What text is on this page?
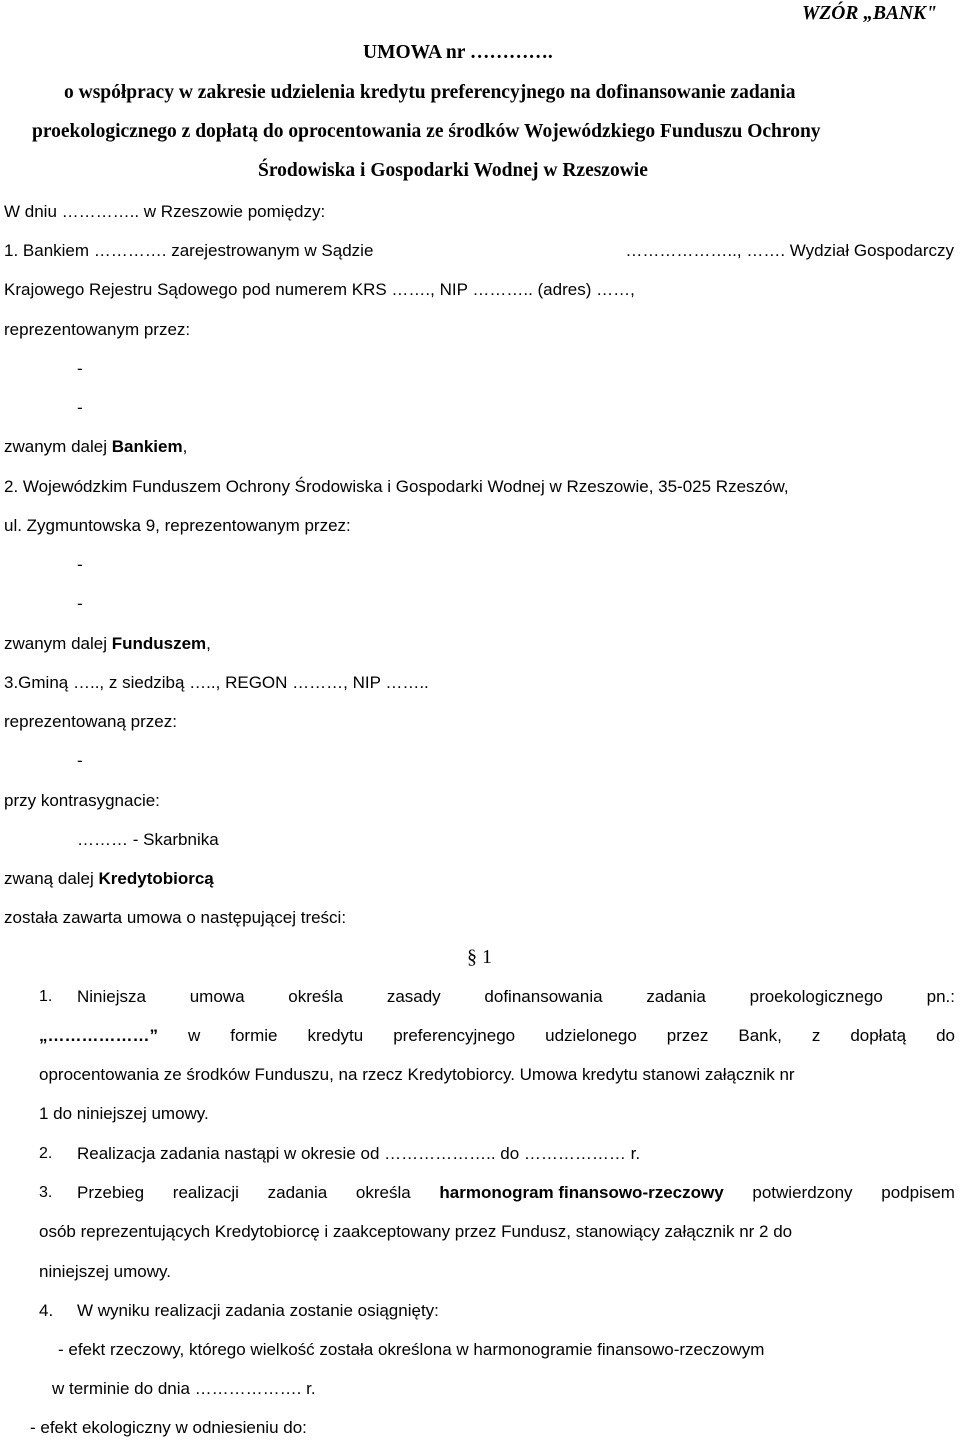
WZÓR „BANK"
UMOWA nr ………….
o współpracy w zakresie udzielenia kredytu preferencyjnego na dofinansowanie zadania
proekologicznego z dopłatą do oprocentowania ze środków Wojewódzkiego Funduszu Ochrony
Środowiska i Gospodarki Wodnej w Rzeszowie
W dniu ………….. w Rzeszowie pomiędzy:
1. Bankiem …………. zarejestrowanym w Sądzie	……………….., ……. Wydział Gospodarczy
Krajowego Rejestru Sądowego pod numerem KRS ……., NIP ……….. (adres) ……,
reprezentowanym przez:
-
-
zwanym dalej Bankiem,
2. Wojewódzkim Funduszem Ochrony Środowiska i Gospodarki Wodnej w Rzeszowie, 35-025 Rzeszów,
ul. Zygmuntowska 9, reprezentowanym przez:
-
-
zwanym dalej Funduszem,
3.Gminą ….., z siedzibą ….., REGON ………, NIP ……..
reprezentowaną przez:
-
przy kontrasygnacie:
……… - Skarbnika
zwaną dalej Kredytobiorcą
została zawarta umowa o następującej treści:
§ 1
1. Niniejsza	umowa	określa	zasady	dofinansowania	zadania	proekologicznego	pn.:
„………………” w formie kredytu preferencyjnego udzielonego przez Bank, z dopłatą do
oprocentowania ze środków Funduszu, na rzecz Kredytobiorcy. Umowa kredytu stanowi załącznik nr
1 do niniejszej umowy.
2. Realizacja zadania nastąpi w okresie od ……………….. do ……………… r.
3. Przebieg realizacji zadania określa harmonogram finansowo-rzeczowy potwierdzony podpisem
osób reprezentujących Kredytobiorcę i zaakceptowany przez Fundusz, stanowiący załącznik nr 2 do
niniejszej umowy.
4. W wyniku realizacji zadania zostanie osiągnięty:
- efekt rzeczowy, którego wielkość została określona w harmonogramie finansowo-rzeczowym
w terminie do dnia ………………. r.
- efekt ekologiczny w odniesieniu do:
